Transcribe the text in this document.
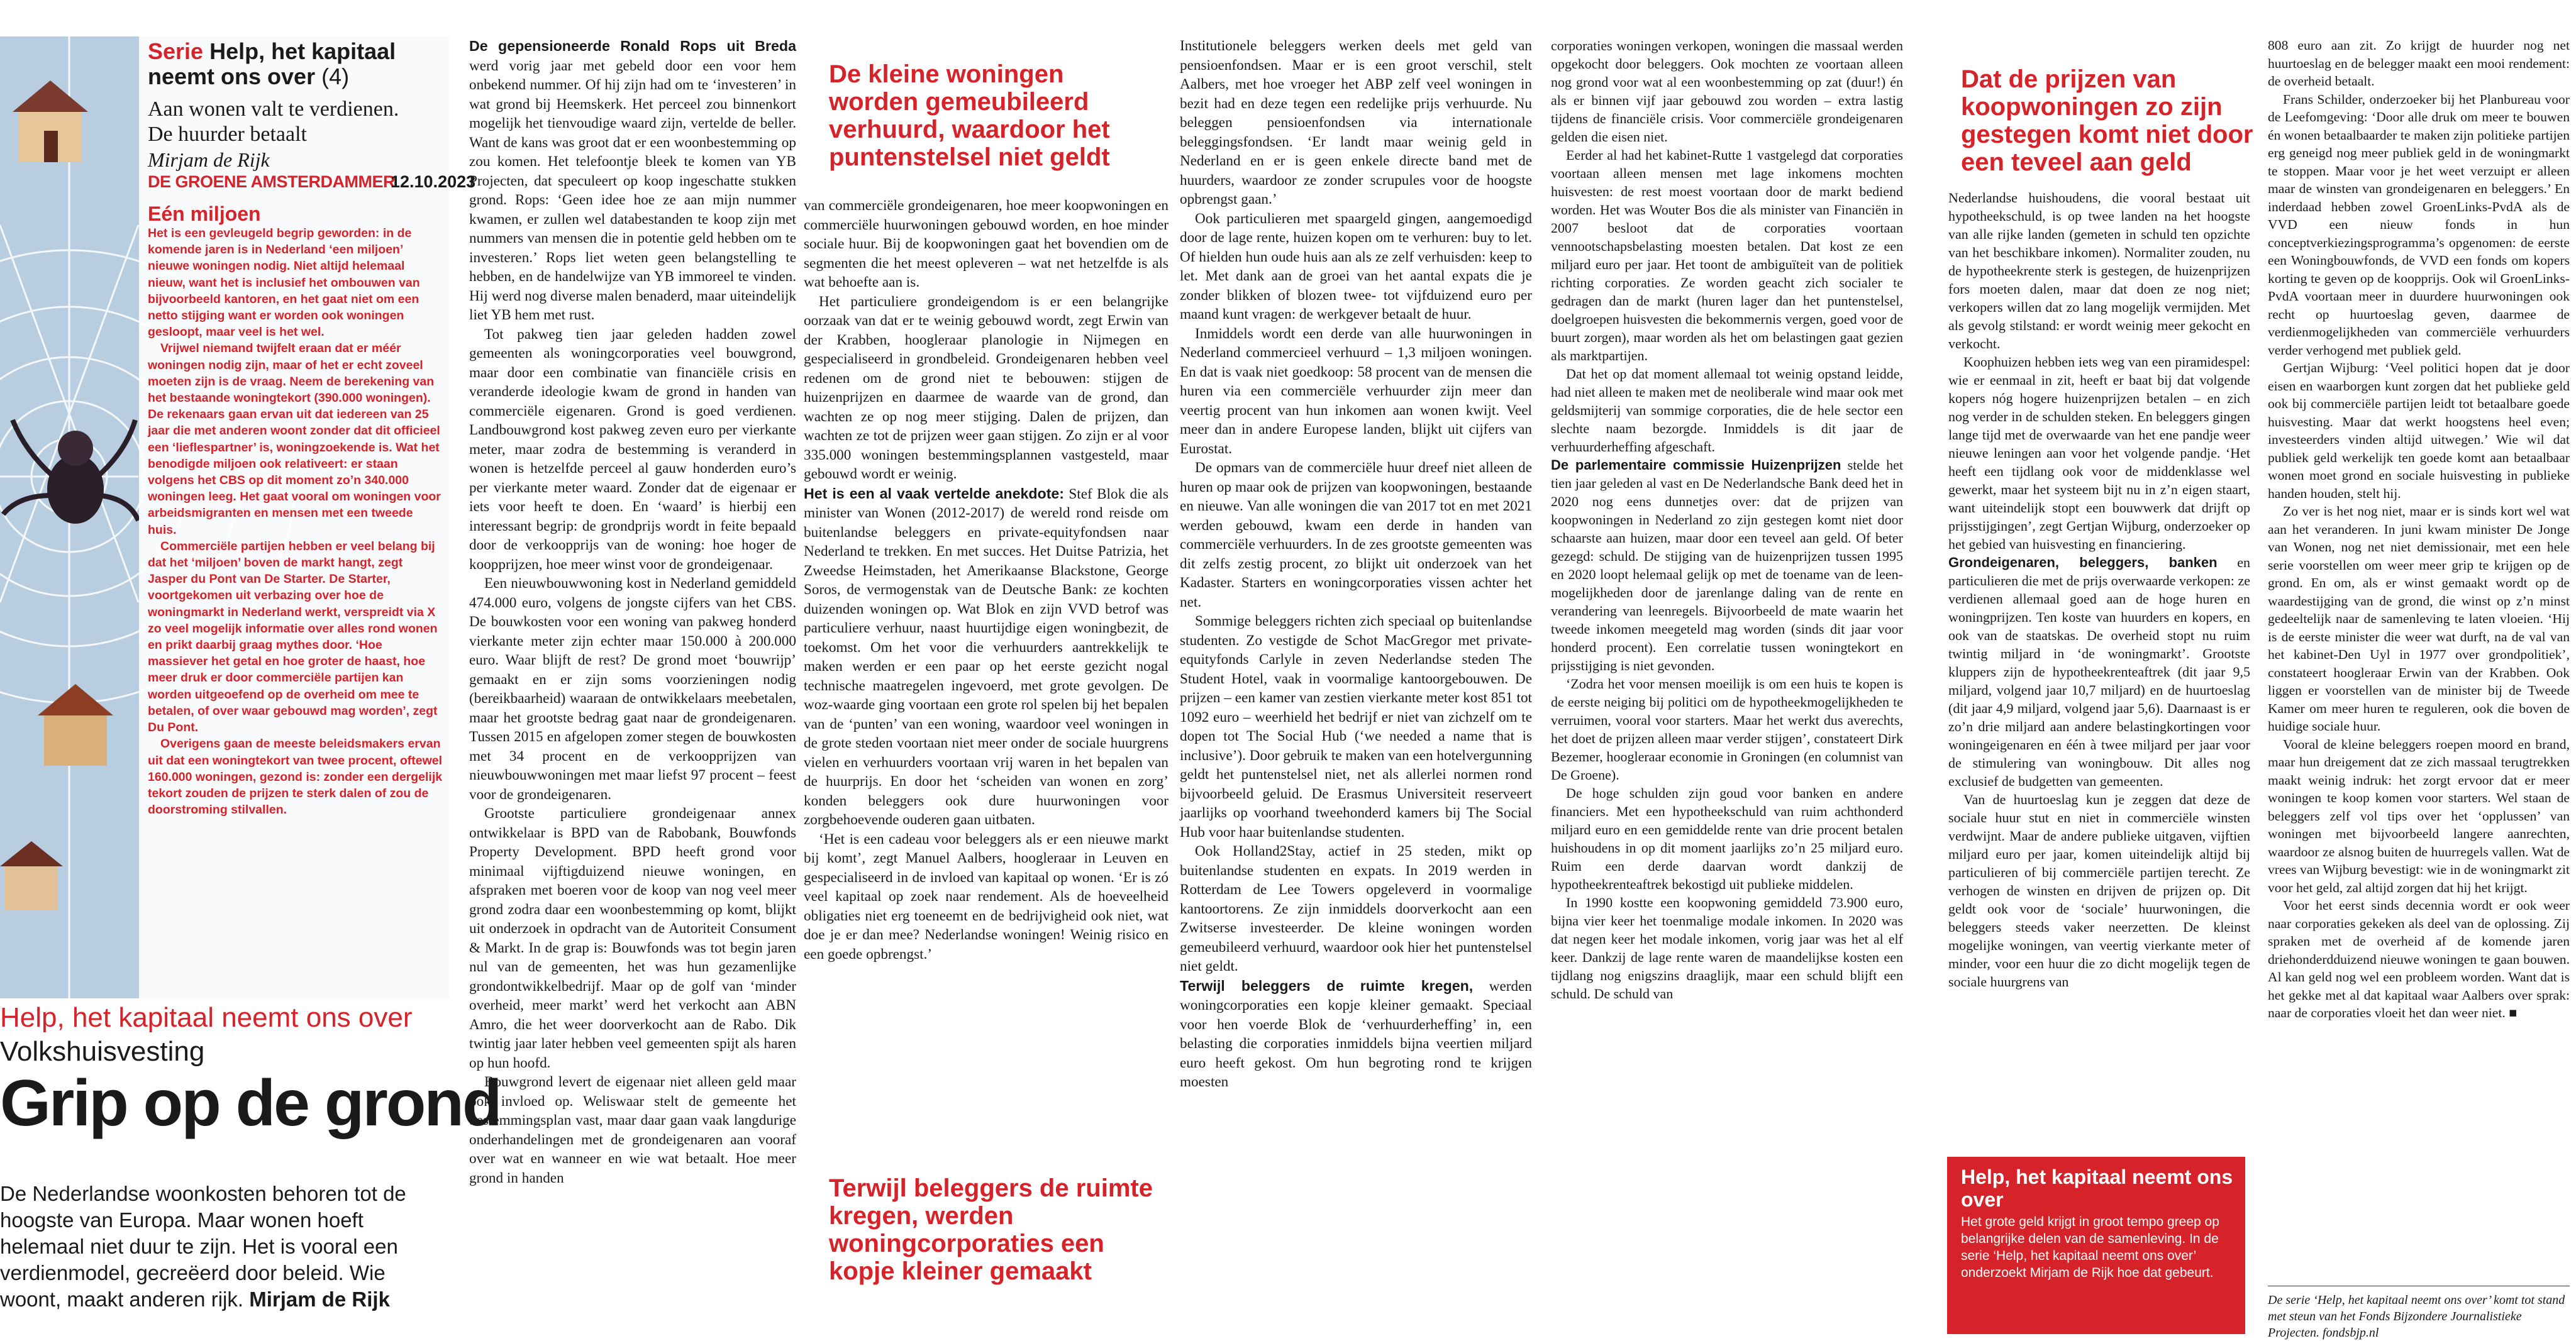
Serie Help, het kapitaal neemt ons over (4)
Aan wonen valt te verdienen.
De huurder betaalt
Mirjam de Rijk
DE GROENE AMSTERDAMMER
12.10.2023
Eén miljoen

Het is een gevleugeld begrip geworden: in de komende jaren is in Nederland ‘een miljoen’ nieuwe woningen nodig. Niet altijd helemaal nieuw, want het is inclusief het ombouwen van bijvoorbeeld kantoren, en het gaat niet om een netto stijging want er worden ook woningen gesloopt, maar veel is het wel.

Vrijwel niemand twijfelt eraan dat er méér woningen nodig zijn, maar of het er echt zoveel moeten zijn is de vraag. Neem de berekening van het bestaande woningtekort (390.000 woningen). De rekenaars gaan ervan uit dat iedereen van 25 jaar die met anderen woont zonder dat dit officieel een ‘lieflespartner’ is, woningzoekende is. Wat het benodigde miljoen ook relativeert: er staan volgens het CBS op dit moment zo’n 340.000 woningen leeg. Het gaat vooral om woningen voor arbeidsmigranten en mensen met een tweede huis.

Commerciële partijen hebben er veel belang bij dat het ‘miljoen’ boven de markt hangt, zegt Jasper du Pont van De Starter. De Starter, voortgekomen uit verbazing over hoe de woningmarkt in Nederland werkt, verspreidt via X zo veel mogelijk informatie over alles rond wonen en prikt daarbij graag mythes door. ‘Hoe massiever het getal en hoe groter de haast, hoe meer druk er door commerciële partijen kan worden uitgeoefend op de overheid om mee te betalen, of over waar gebouwd mag worden’, zegt Du Pont.

Overigens gaan de meeste beleidsmakers ervan uit dat een woningtekort van twee procent, oftewel 160.000 woningen, gezond is: zonder een dergelijk tekort zouden de prijzen te sterk dalen of zou de doorstroming stilvallen.

Help, het kapitaal neemt ons over
Volkshuisvesting
Grip op de grond
De Nederlandse woonkosten behoren tot de hoogste van Europa. Maar wonen hoeft helemaal niet duur te zijn. Het is vooral een verdienmodel, gecreëerd door beleid. Wie woont, maakt anderen rijk. Mirjam de Rijk

De gepensioneerde Ronald Rops uit Breda werd vorig jaar met gebeld door een voor hem onbekend nummer. Of hij zijn had om te ‘investeren’ in wat grond bij Heemskerk. Het perceel zou binnenkort mogelijk het tienvoudige waard zijn, vertelde de beller. Want de kans was groot dat er een woonbestemming op zou komen. Het telefoontje bleek te komen van YB Projecten, dat speculeert op koop ingeschatte stukken grond. Rops: ‘Geen idee hoe ze aan mijn nummer kwamen, er zullen wel databestanden te koop zijn met nummers van mensen die in potentie geld hebben om te investeren.’ Rops liet weten geen belangstelling te hebben, en de handelwijze van YB immoreel te vinden. Hij werd nog diverse malen benaderd, maar uiteindelijk liet YB hem met rust.

Tot pakweg tien jaar geleden hadden zowel gemeenten als woningcorporaties veel bouwgrond, maar door een combinatie van financiële crisis en veranderde ideologie kwam de grond in handen van commerciële eigenaren. Grond is goed verdienen. Landbouwgrond kost pakweg zeven euro per vierkante meter, maar zodra de bestemming is veranderd in wonen is hetzelfde perceel al gauw honderden euro’s per vierkante meter waard. Zonder dat de eigenaar er iets voor heeft te doen. En ‘waard’ is hierbij een interessant begrip: de grondprijs wordt in feite bepaald door de verkoopprijs van de woning: hoe hoger de koopprijzen, hoe meer winst voor de grondeigenaar.

Een nieuwbouwwoning kost in Nederland gemiddeld 474.000 euro, volgens de jongste cijfers van het CBS. De bouwkosten voor een woning van pakweg honderd vierkante meter zijn echter maar 150.000 à 200.000 euro. Waar blijft de rest? De grond moet ‘bouwrijp’ gemaakt en er zijn soms voorzieningen nodig (bereikbaarheid) waaraan de ontwikkelaars meebetalen, maar het grootste bedrag gaat naar de grondeigenaren. Tussen 2015 en afgelopen zomer stegen de bouwkosten met 34 procent en de verkoopprijzen van nieuwbouwwoningen met maar liefst 97 procent – feest voor de grondeigenaren.

Grootste particuliere grondeigenaar annex ontwikkelaar is BPD van de Rabobank, Bouwfonds Property Development. BPD heeft grond voor minimaal vijftigduizend nieuwe woningen, en afspraken met boeren voor de koop van nog veel meer grond zodra daar een woonbestemming op komt, blijkt uit onderzoek in opdracht van de Autoriteit Consument & Markt. In de grap is: Bouwfonds was tot begin jaren nul van de gemeenten, het was hun gezamenlijke grondontwikkelbedrijf. Maar op de golf van ‘minder overheid, meer markt’ werd het verkocht aan ABN Amro, die het weer doorverkocht aan de Rabo. Dik twintig jaar later hebben veel gemeenten spijt als haren op hun hoofd.

Bouwgrond levert de eigenaar niet alleen geld maar ook invloed op. Weliswaar stelt de gemeente het bestemmingsplan vast, maar daar gaan vaak langdurige onderhandelingen met de grondeigenaren aan vooraf over wat en wanneer en wie wat betaalt. Hoe meer grond in handen

De kleine woningen worden gemeubileerd verhuurd, waardoor het puntenstelsel niet geldt

van commerciële grondeigenaren, hoe meer koopwoningen en commerciële huurwoningen gebouwd worden, en hoe minder sociale huur. Bij de koopwoningen gaat het bovendien om de segmenten die het meest opleveren – wat net hetzelfde is als wat behoefte aan is.

Het particuliere grondeigendom is er een belangrijke oorzaak van dat er te weinig gebouwd wordt, zegt Erwin van der Krabben, hoogleraar planologie in Nijmegen en gespecialiseerd in grondbeleid. Grondeigenaren hebben veel redenen om de grond niet te bebouwen: stijgen de huizenprijzen en daarmee de waarde van de grond, dan wachten ze op nog meer stijging. Dalen de prijzen, dan wachten ze tot de prijzen weer gaan stijgen. Zo zijn er al voor 335.000 woningen bestemmingsplannen vastgesteld, maar gebouwd wordt er weinig.

Het is een al vaak vertelde anekdote: Stef Blok die als minister van Wonen (2012-2017) de wereld rond reisde om buitenlandse beleggers en private-equityfondsen naar Nederland te trekken. En met succes. Het Duitse Patrizia, het Zweedse Heimstaden, het Amerikaanse Blackstone, George Soros, de vermogenstak van de Deutsche Bank: ze kochten duizenden woningen op. Wat Blok en zijn VVD betrof was particuliere verhuur, naast huurtijdige eigen woningbezit, de toekomst. Om het voor die verhuurders aantrekkelijk te maken werden er een paar op het eerste gezicht nogal technische maatregelen ingevoerd, met grote gevolgen. De woz-waarde ging voortaan een grote rol spelen bij het bepalen van de ‘punten’ van een woning, waardoor veel woningen in de grote steden voortaan niet meer onder de sociale huurgrens vielen en verhuurders voortaan vrij waren in het bepalen van de huurprijs. En door het ‘scheiden van wonen en zorg’ konden beleggers ook dure huurwoningen voor zorgbehoevende ouderen gaan uitbaten.

‘Het is een cadeau voor beleggers als er een nieuwe markt bij komt’, zegt Manuel Aalbers, hoogleraar in Leuven en gespecialiseerd in de invloed van kapitaal op wonen. ‘Er is zó veel kapitaal op zoek naar rendement. Als de hoeveelheid obligaties niet erg toeneemt en de bedrijvigheid ook niet, wat doe je er dan mee? Nederlandse woningen! Weinig risico en een goede opbrengst.’

Terwijl beleggers de ruimte kregen, werden woningcorporaties een kopje kleiner gemaakt

Institutionele beleggers werken deels met geld van pensioenfondsen. Maar er is een groot verschil, stelt Aalbers, met hoe vroeger het ABP zelf veel woningen in bezit had en deze tegen een redelijke prijs verhuurde. Nu beleggen pensioenfondsen via internationale beleggingsfondsen. ‘Er landt maar weinig geld in Nederland en er is geen enkele directe band met de huurders, waardoor ze zonder scrupules voor de hoogste opbrengst gaan.’

Ook particulieren met spaargeld gingen, aangemoedigd door de lage rente, huizen kopen om te verhuren: buy to let. Of hielden hun oude huis aan als ze zelf verhuisden: keep to let. Met dank aan de groei van het aantal expats die je zonder blikken of blozen twee- tot vijfduizend euro per maand kunt vragen: de werkgever betaalt de huur.

Inmiddels wordt een derde van alle huurwoningen in Nederland commercieel verhuurd – 1,3 miljoen woningen. En dat is vaak niet goedkoop: 58 procent van de mensen die huren via een commerciële verhuurder zijn meer dan veertig procent van hun inkomen aan wonen kwijt. Veel meer dan in andere Europese landen, blijkt uit cijfers van Eurostat.

De opmars van de commerciële huur dreef niet alleen de huren op maar ook de prijzen van koopwoningen, bestaande en nieuwe. Van alle woningen die van 2017 tot en met 2021 werden gebouwd, kwam een derde in handen van commerciële verhuurders. In de zes grootste gemeenten was dit zelfs zestig procent, zo blijkt uit onderzoek van het Kadaster. Starters en woningcorporaties vissen achter het net.

Sommige beleggers richten zich speciaal op buitenlandse studenten. Zo vestigde de Schot MacGregor met private-equityfonds Carlyle in zeven Nederlandse steden The Student Hotel, vaak in voormalige kantoorgebouwen. De prijzen – een kamer van zestien vierkante meter kost 851 tot 1092 euro – weerhield het bedrijf er niet van zichzelf om te dopen tot The Social Hub (‘we needed a name that is inclusive’). Door gebruik te maken van een hotelvergunning geldt het puntenstelsel niet, net als allerlei normen rond bijvoorbeeld geluid. De Erasmus Universiteit reserveert jaarlijks op voorhand tweehonderd kamers bij The Social Hub voor haar buitenlandse studenten.

Ook Holland2Stay, actief in 25 steden, mikt op buitenlandse studenten en expats. In 2019 werden in Rotterdam de Lee Towers opgeleverd in voormalige kantoortorens. Ze zijn inmiddels doorverkocht aan een Zwitserse investeerder. De kleine woningen worden gemeubileerd verhuurd, waardoor ook hier het puntenstelsel niet geldt.

Terwijl beleggers de ruimte kregen, werden woningcorporaties een kopje kleiner gemaakt. Speciaal voor hen voerde Blok de ‘verhuurderheffing’ in, een belasting die corporaties inmiddels bijna veertien miljard euro heeft gekost. Om hun begroting rond te krijgen moesten

corporaties woningen verkopen, woningen die massaal werden opgekocht door beleggers. Ook mochten ze voortaan alleen nog grond voor wat al een woonbestemming op zat (duur!) én als er binnen vijf jaar gebouwd zou worden – extra lastig tijdens de financiële crisis. Voor commerciële grondeigenaren gelden die eisen niet.

Eerder al had het kabinet-Rutte 1 vastgelegd dat corporaties voortaan alleen mensen met lage inkomens mochten huisvesten: de rest moest voortaan door de markt bediend worden. Het was Wouter Bos die als minister van Financiën in 2007 besloot dat de corporaties voortaan vennootschapsbelasting moesten betalen. Dat kost ze een miljard euro per jaar. Het toont de ambiguïteit van de politiek richting corporaties. Ze worden geacht zich socialer te gedragen dan de markt (huren lager dan het puntenstelsel, doelgroepen huisvesten die bekommernis vergen, goed voor de buurt zorgen), maar worden als het om belastingen gaat gezien als marktpartijen.

Dat het op dat moment allemaal tot weinig opstand leidde, had niet alleen te maken met de neoliberale wind maar ook met geldsmijterij van sommige corporaties, die de hele sector een slechte naam bezorgde. Inmiddels is dit jaar de verhuurderheffing afgeschaft.

De parlementaire commissie Huizenprijzen stelde het tien jaar geleden al vast en De Nederlandsche Bank deed het in 2020 nog eens dunnetjes over: dat de prijzen van koopwoningen in Nederland zo zijn gestegen komt niet door schaarste aan huizen, maar door een teveel aan geld. Of beter gezegd: schuld. De stijging van de huizenprijzen tussen 1995 en 2020 loopt helemaal gelijk op met de toename van de leen-mogelijkheden door de jarenlange daling van de rente en verandering van leenregels. Bijvoorbeeld de mate waarin het tweede inkomen meegeteld mag worden (sinds dit jaar voor honderd procent). Een correlatie tussen woningtekort en prijsstijging is niet gevonden.

‘Zodra het voor mensen moeilijk is om een huis te kopen is de eerste neiging bij politici om de hypotheekmogelijkheden te verruimen, vooral voor starters. Maar het werkt dus averechts, het doet de prijzen alleen maar verder stijgen’, constateert Dirk Bezemer, hoogleraar economie in Groningen (en columnist van De Groene).

De hoge schulden zijn goud voor banken en andere financiers. Met een hypotheekschuld van ruim achthonderd miljard euro en een gemiddelde rente van drie procent betalen huishoudens in op dit moment jaarlijks zo’n 25 miljard euro. Ruim een derde daarvan wordt dankzij de hypotheekrenteaftrek bekostigd uit publieke middelen.

In 1990 kostte een koopwoning gemiddeld 73.900 euro, bijna vier keer het toenmalige modale inkomen. In 2020 was dat negen keer het modale inkomen, vorig jaar was het al elf keer. Dankzij de lage rente waren de maandelijkse kosten een tijdlang nog enigszins draaglijk, maar een schuld blijft een schuld. De schuld van

Dat de prijzen van koopwoningen zo zijn gestegen komt niet door een teveel aan geld

Nederlandse huishoudens, die vooral bestaat uit hypotheekschuld, is op twee landen na het hoogste van alle rijke landen (gemeten in schuld ten opzichte van het beschikbare inkomen). Normaliter zouden, nu de hypotheekrente sterk is gestegen, de huizenprijzen fors moeten dalen, maar dat doen ze nog niet; verkopers willen dat zo lang mogelijk vermijden. Met als gevolg stilstand: er wordt weinig meer gekocht en verkocht.

Koophuizen hebben iets weg van een piramidespel: wie er eenmaal in zit, heeft er baat bij dat volgende kopers nóg hogere huizenprijzen betalen – en zich nog verder in de schulden steken. En beleggers gingen lange tijd met de overwaarde van het ene pandje weer nieuwe leningen aan voor het volgende pandje. ‘Het heeft een tijdlang ook voor de middenklasse wel gewerkt, maar het systeem bijt nu in z’n eigen staart, want uiteindelijk stopt een bouwwerk dat drijft op prijsstijgingen’, zegt Gertjan Wijburg, onderzoeker op het gebied van huisvesting en financiering.

Grondeigenaren, beleggers, banken en particulieren die met de prijs overwaarde verkopen: ze verdienen allemaal goed aan de hoge huren en woningprijzen. Ten koste van huurders en kopers, en ook van de staatskas. De overheid stopt nu ruim twintig miljard in ‘de woningmarkt’. Grootste kluppers zijn de hypotheekrenteaftrek (dit jaar 9,5 miljard, volgend jaar 10,7 miljard) en de huurtoeslag (dit jaar 4,9 miljard, volgend jaar 5,6). Daarnaast is er zo’n drie miljard aan andere belastingkortingen voor woningeigenaren en één à twee miljard per jaar voor de stimulering van woningbouw. Dit alles nog exclusief de budgetten van gemeenten.

Van de huurtoeslag kun je zeggen dat deze de sociale huur stut en niet in commerciële winsten verdwijnt. Maar de andere publieke uitgaven, vijftien miljard euro per jaar, komen uiteindelijk altijd bij particulieren of bij commerciële partijen terecht. Ze verhogen de winsten en drijven de prijzen op. Dit geldt ook voor de ‘sociale’ huurwoningen, die beleggers steeds vaker neerzetten. De kleinst mogelijke woningen, van veertig vierkante meter of minder, voor een huur die zo dicht mogelijk tegen de sociale huurgrens van

Help, het kapitaal neemt ons over
Het grote geld krijgt in groot tempo greep op belangrijke delen van de samenleving. In de serie ‘Help, het kapitaal neemt ons over’ onderzoekt Mirjam de Rijk hoe dat gebeurt.

808 euro aan zit. Zo krijgt de huurder nog net huurtoeslag en de belegger maakt een mooi rendement: de overheid betaalt.

Frans Schilder, onderzoeker bij het Planbureau voor de Leefomgeving: ‘Door alle druk om meer te bouwen én wonen betaalbaarder te maken zijn politieke partijen erg geneigd nog meer publiek geld in de woningmarkt te stoppen. Maar voor je het weet verzuipt er alleen maar de winsten van grondeigenaren en beleggers.’ En inderdaad hebben zowel GroenLinks-PvdA als de VVD een nieuw fonds in hun conceptverkiezingsprogramma’s opgenomen: de eerste een Woningbouwfonds, de VVD een fonds om kopers korting te geven op de koopprijs. Ook wil GroenLinks-PvdA voortaan meer in duurdere huurwoningen ook recht op huurtoeslag geven, daarmee de verdienmogelijkheden van commerciële verhuurders verder verhogend met publiek geld.

Gertjan Wijburg: ‘Veel politici hopen dat je door eisen en waarborgen kunt zorgen dat het publieke geld ook bij commerciële partijen leidt tot betaalbare goede huisvesting. Maar dat werkt hoogstens heel even; investeerders vinden altijd uitwegen.’ Wie wil dat publiek geld werkelijk ten goede komt aan betaalbaar wonen moet grond en sociale huisvesting in publieke handen houden, stelt hij.

Zo ver is het nog niet, maar er is sinds kort wel wat aan het veranderen. In juni kwam minister De Jonge van Wonen, nog net niet demissionair, met een hele serie voorstellen om weer meer grip te krijgen op de grond. En om, als er winst gemaakt wordt op de waardestijging van de grond, die winst op z’n minst gedeeltelijk naar de samenleving te laten vloeien. ‘Hij is de eerste minister die weer wat durft, na de val van het kabinet-Den Uyl in 1977 over grondpolitiek’, constateert hoogleraar Erwin van der Krabben. Ook liggen er voorstellen van de minister bij de Tweede Kamer om meer huren te reguleren, ook die boven de huidige sociale huur.

Vooral de kleine beleggers roepen moord en brand, maar hun dreigement dat ze zich massaal terugtrekken maakt weinig indruk: het zorgt ervoor dat er meer woningen te koop komen voor starters. Wel staan de beleggers zelf vol tips over het ‘opplussen’ van woningen met bijvoorbeeld langere aanrechten, waardoor ze alsnog buiten de huurregels vallen. Wat de vrees van Wijburg bevestigt: wie in de woningmarkt zit voor het geld, zal altijd zorgen dat hij het krijgt.

Voor het eerst sinds decennia wordt er ook weer naar corporaties gekeken als deel van de oplossing. Zij spraken met de overheid af de komende jaren driehonderdduizend nieuwe woningen te gaan bouwen. Al kan geld nog wel een probleem worden. Want dat is het gekke met al dat kapitaal waar Aalbers over sprak: naar de corporaties vloeit het dan weer niet. ■

De serie ‘Help, het kapitaal neemt ons over’ komt tot stand met steun van het Fonds Bijzondere Journalistieke Projecten. fondsbjp.nl
